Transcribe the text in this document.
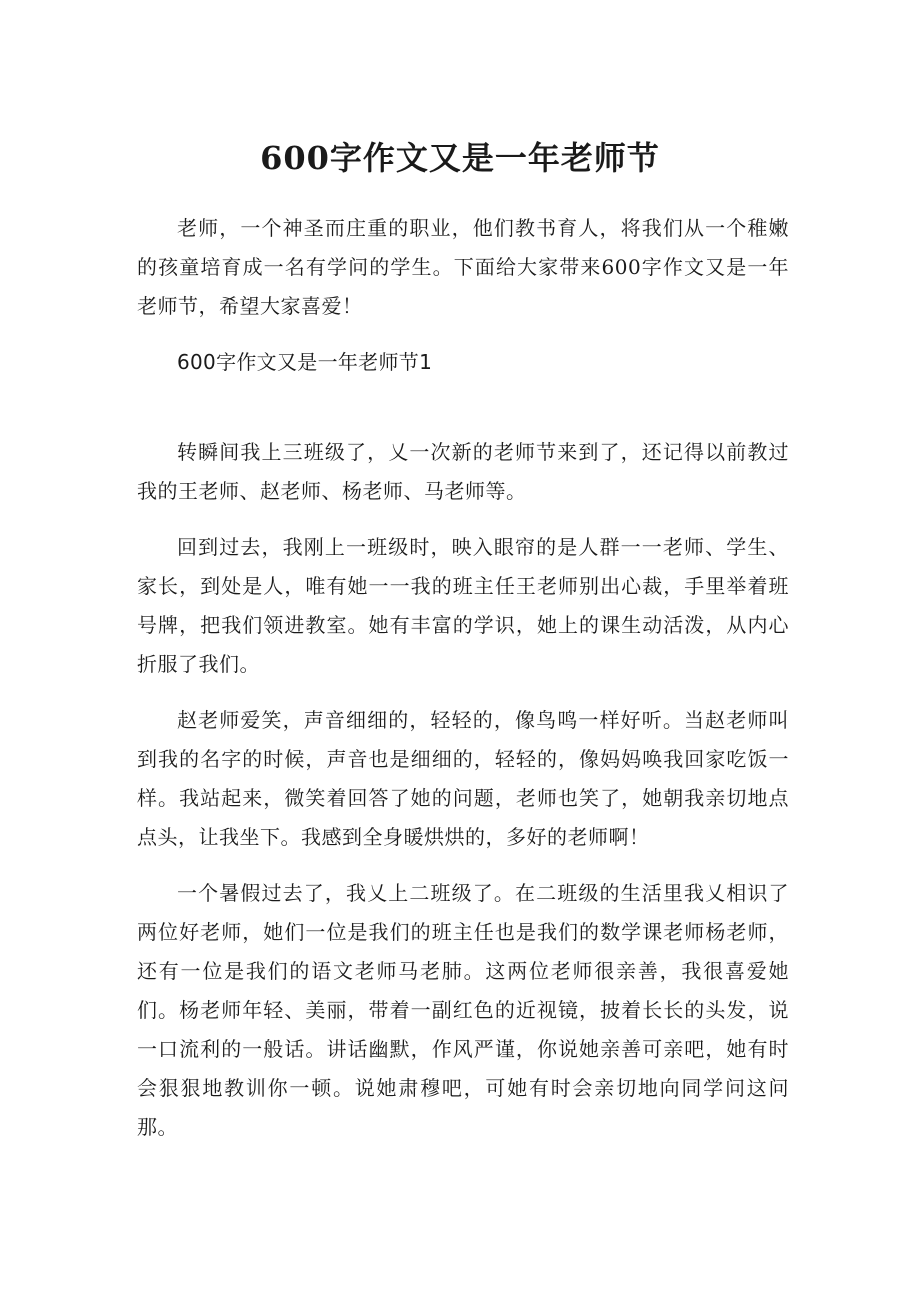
600字作文又是一年老师节

老师，一个神圣而庄重的职业，他们教书育人，将我们从一个稚嫩的孩童培育成一名有学问的学生。下面给大家带来600字作文又是一年老师节，希望大家喜爱！

600字作文又是一年老师节1

转瞬间我上三班级了，乂一次新的老师节来到了，还记得以前教过我的王老师、赵老师、杨老师、马老师等。

回到过去，我刚上一班级时，映入眼帘的是人群一一老师、学生、家长，到处是人，唯有她一一我的班主任王老师别出心裁，手里举着班号牌，把我们领进教室。她有丰富的学识，她上的课生动活泼，从内心折服了我们。

赵老师爱笑，声音细细的，轻轻的，像鸟鸣一样好听。当赵老师叫到我的名字的时候，声音也是细细的，轻轻的，像妈妈唤我回家吃饭一样。我站起来，微笑着回答了她的问题，老师也笑了，她朝我亲切地点点头，让我坐下。我感到全身暖烘烘的，多好的老师啊！

一个暑假过去了，我乂上二班级了。在二班级的生活里我乂相识了两位好老师，她们一位是我们的班主任也是我们的数学课老师杨老师，还有一位是我们的语文老师马老肺。这两位老师很亲善，我很喜爱她们。杨老师年轻、美丽，带着一副红色的近视镜，披着长长的头发，说一口流利的一般话。讲话幽默，作风严谨，你说她亲善可亲吧，她有时会狠狠地教训你一顿。说她肃穆吧，可她有时会亲切地向同学问这问那。
